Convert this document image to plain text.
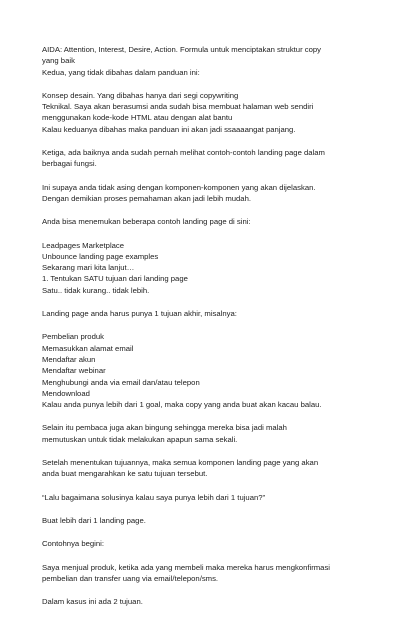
AIDA: Attention, Interest, Desire, Action. Formula untuk menciptakan struktur copy
yang baik
Kedua, yang tidak dibahas dalam panduan ini:
Konsep desain. Yang dibahas hanya dari segi copywriting
Teknikal. Saya akan berasumsi anda sudah bisa membuat halaman web sendiri
menggunakan kode-kode HTML atau dengan alat bantu
Kalau keduanya dibahas maka panduan ini akan jadi ssaaaangat panjang.
Ketiga, ada baiknya anda sudah pernah melihat contoh-contoh landing page dalam
berbagai fungsi.
Ini supaya anda tidak asing dengan komponen-komponen yang akan dijelaskan.
Dengan demikian proses pemahaman akan jadi lebih mudah.
Anda bisa menemukan beberapa contoh landing page di sini:
Leadpages Marketplace
Unbounce landing page examples
Sekarang mari kita lanjut…
1. Tentukan SATU tujuan dari landing page
Satu.. tidak kurang.. tidak lebih.
Landing page anda harus punya 1 tujuan akhir, misalnya:
Pembelian produk
Memasukkan alamat email
Mendaftar akun
Mendaftar webinar
Menghubungi anda via email dan/atau telepon
Mendownload
Kalau anda punya lebih dari 1 goal, maka copy yang anda buat akan kacau balau.
Selain itu pembaca juga akan bingung sehingga mereka bisa jadi malah
memutuskan untuk tidak melakukan apapun sama sekali.
Setelah menentukan tujuannya, maka semua komponen landing page yang akan
anda buat mengarahkan ke satu tujuan tersebut.
“Lalu bagaimana solusinya kalau saya punya lebih dari 1 tujuan?”
Buat lebih dari 1 landing page.
Contohnya begini:
Saya menjual produk, ketika ada yang membeli maka mereka harus mengkonfirmasi
pembelian dan transfer uang via email/telepon/sms.
Dalam kasus ini ada 2 tujuan.
